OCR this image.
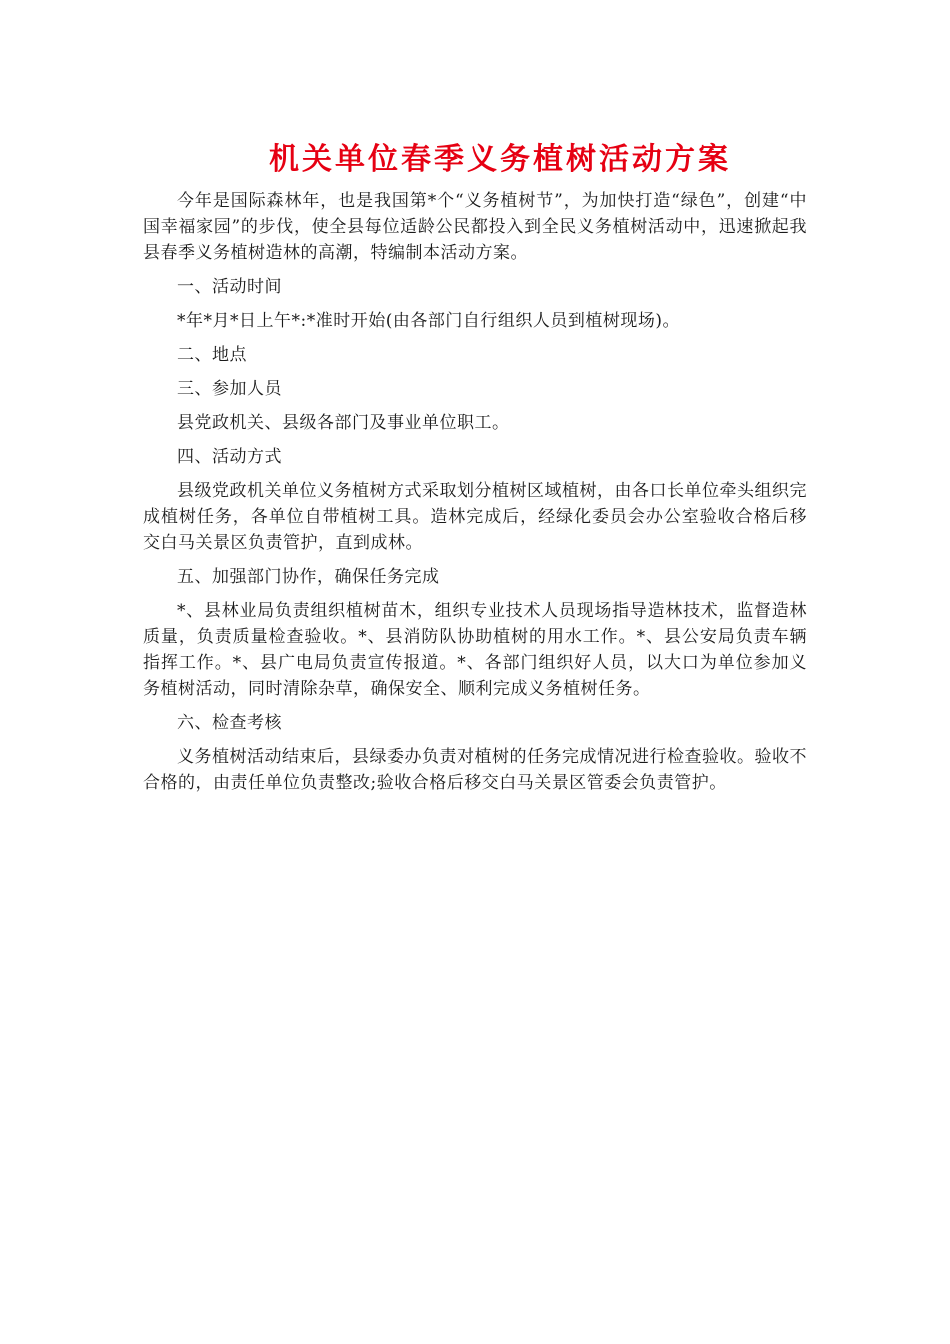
机关单位春季义务植树活动方案

今年是国际森林年，也是我国第*个“义务植树节”，为加快打造“绿色”，创建“中国幸福家园”的步伐，使全县每位适龄公民都投入到全民义务植树活动中，迅速掀起我县春季义务植树造林的高潮，特编制本活动方案。

一、活动时间

*年*月*日上午*:*准时开始(由各部门自行组织人员到植树现场)。

二、地点

三、参加人员

县党政机关、县级各部门及事业单位职工。

四、活动方式

县级党政机关单位义务植树方式采取划分植树区域植树，由各口长单位牵头组织完成植树任务，各单位自带植树工具。造林完成后，经绿化委员会办公室验收合格后移交白马关景区负责管护，直到成林。

五、加强部门协作，确保任务完成

*、县林业局负责组织植树苗木，组织专业技术人员现场指导造林技术，监督造林质量，负责质量检查验收。*、县消防队协助植树的用水工作。*、县公安局负责车辆指挥工作。*、县广电局负责宣传报道。*、各部门组织好人员，以大口为单位参加义务植树活动，同时清除杂草，确保安全、顺利完成义务植树任务。

六、检查考核

义务植树活动结束后，县绿委办负责对植树的任务完成情况进行检查验收。验收不合格的，由责任单位负责整改;验收合格后移交白马关景区管委会负责管护。
